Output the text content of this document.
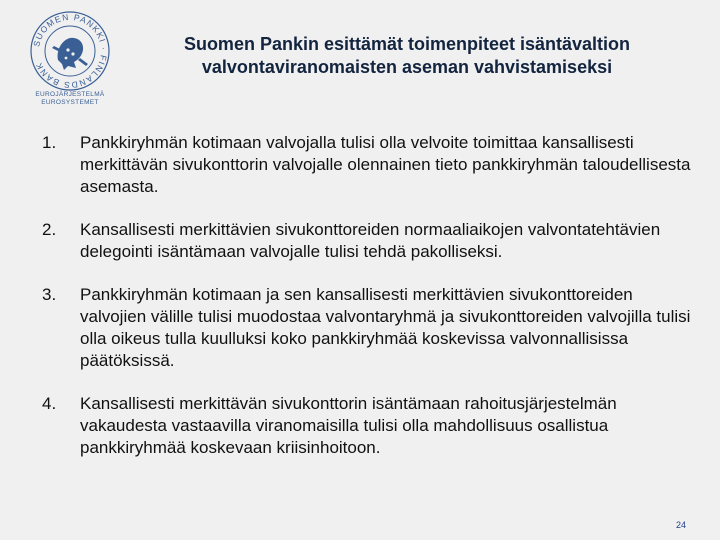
SUOMEN PANKKI · FINLANDS BANK
EUROJÄRJESTELMÄ
EUROSYSTEMET
Suomen Pankin esittämät toimenpiteet isäntävaltion
valvontaviranomaisten aseman vahvistamiseksi
1.	Pankkiryhmän kotimaan valvojalla tulisi olla velvoite toimittaa kansallisesti merkittävän sivukonttorin valvojalle olennainen tieto pankkiryhmän taloudellisesta asemasta.
2.	Kansallisesti merkittävien sivukonttoreiden normaaliaikojen valvontatehtävien delegointi isäntämaan valvojalle tulisi tehdä pakolliseksi.
3.	Pankkiryhmän kotimaan ja sen kansallisesti merkittävien sivukonttoreiden valvojien välille tulisi muodostaa valvontaryhmä ja sivukonttoreiden valvojilla tulisi olla oikeus tulla kuulluksi koko pankkiryhmää koskevissa valvonnallisissa päätöksissä.
4.	Kansallisesti merkittävän sivukonttorin isäntämaan rahoitusjärjestelmän vakaudesta vastaavilla viranomaisilla tulisi olla mahdollisuus osallistua pankkiryhmää koskevaan kriisinhoitoon.
24
